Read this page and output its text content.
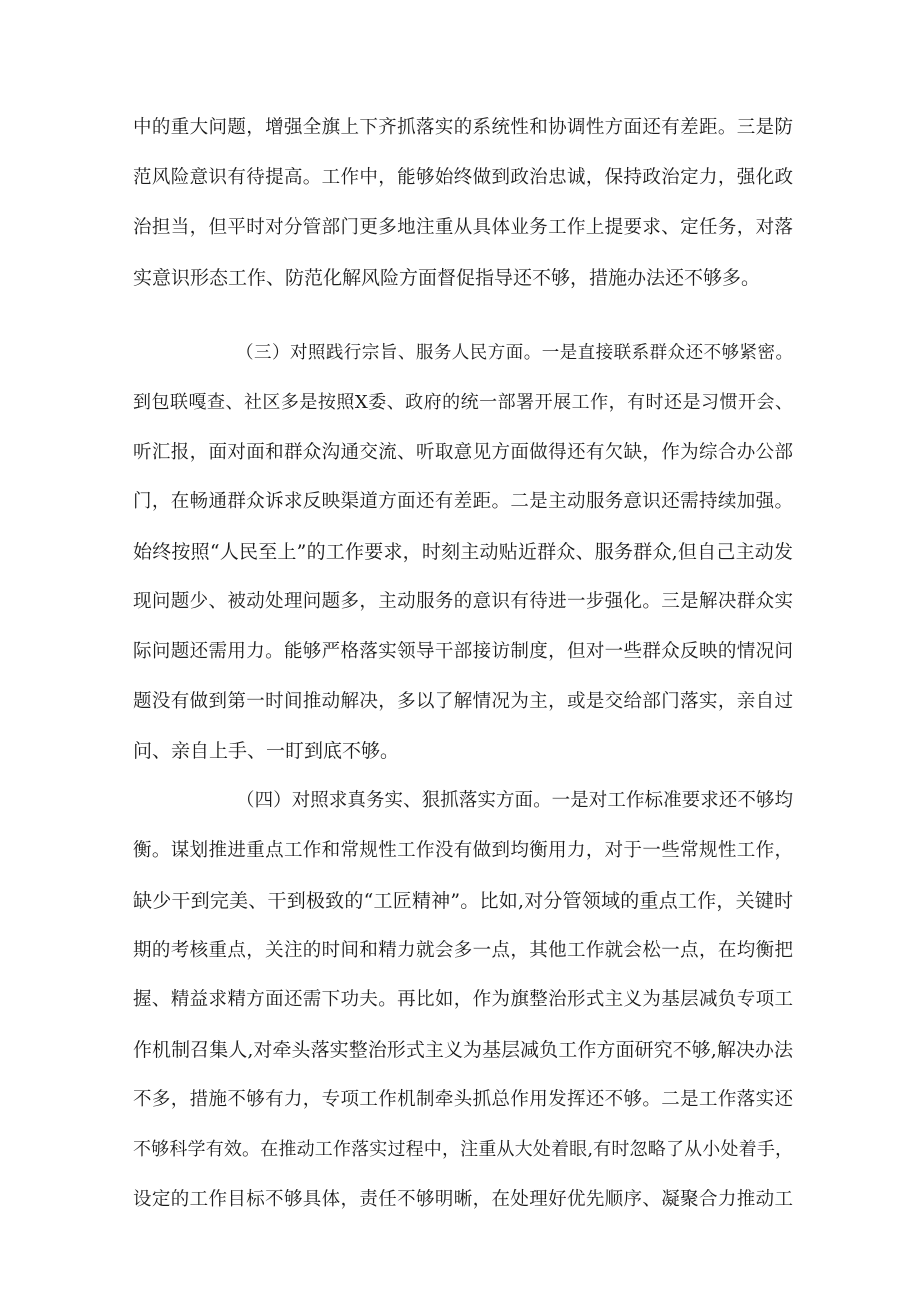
中的重大问题，增强全旗上下齐抓落实的系统性和协调性方面还有差距。三是防
范风险意识有待提高。工作中，能够始终做到政治忠诚，保持政治定力，强化政
治担当，但平时对分管部门更多地注重从具体业务工作上提要求、定任务，对落
实意识形态工作、防范化解风险方面督促指导还不够，措施办法还不够多。
（三）对照践行宗旨、服务人民方面。一是直接联系群众还不够紧密。
到包联嘎查、社区多是按照X委、政府的统一部署开展工作，有时还是习惯开会、
听汇报，面对面和群众沟通交流、听取意见方面做得还有欠缺，作为综合办公部
门，在畅通群众诉求反映渠道方面还有差距。二是主动服务意识还需持续加强。
始终按照“人民至上”的工作要求，时刻主动贴近群众、服务群众,但自己主动发
现问题少、被动处理问题多，主动服务的意识有待进一步强化。三是解决群众实
际问题还需用力。能够严格落实领导干部接访制度，但对一些群众反映的情况问
题没有做到第一时间推动解决，多以了解情况为主，或是交给部门落实，亲自过
问、亲自上手、一盯到底不够。
（四）对照求真务实、狠抓落实方面。一是对工作标准要求还不够均
衡。谋划推进重点工作和常规性工作没有做到均衡用力，对于一些常规性工作，
缺少干到完美、干到极致的“工匠精神”。比如,对分管领域的重点工作，关键时
期的考核重点，关注的时间和精力就会多一点，其他工作就会松一点，在均衡把
握、精益求精方面还需下功夫。再比如，作为旗整治形式主义为基层减负专项工
作机制召集人,对牵头落实整治形式主义为基层减负工作方面研究不够,解决办法
不多，措施不够有力，专项工作机制牵头抓总作用发挥还不够。二是工作落实还
不够科学有效。在推动工作落实过程中，注重从大处着眼,有时忽略了从小处着手，
设定的工作目标不够具体，责任不够明晰，在处理好优先顺序、凝聚合力推动工
